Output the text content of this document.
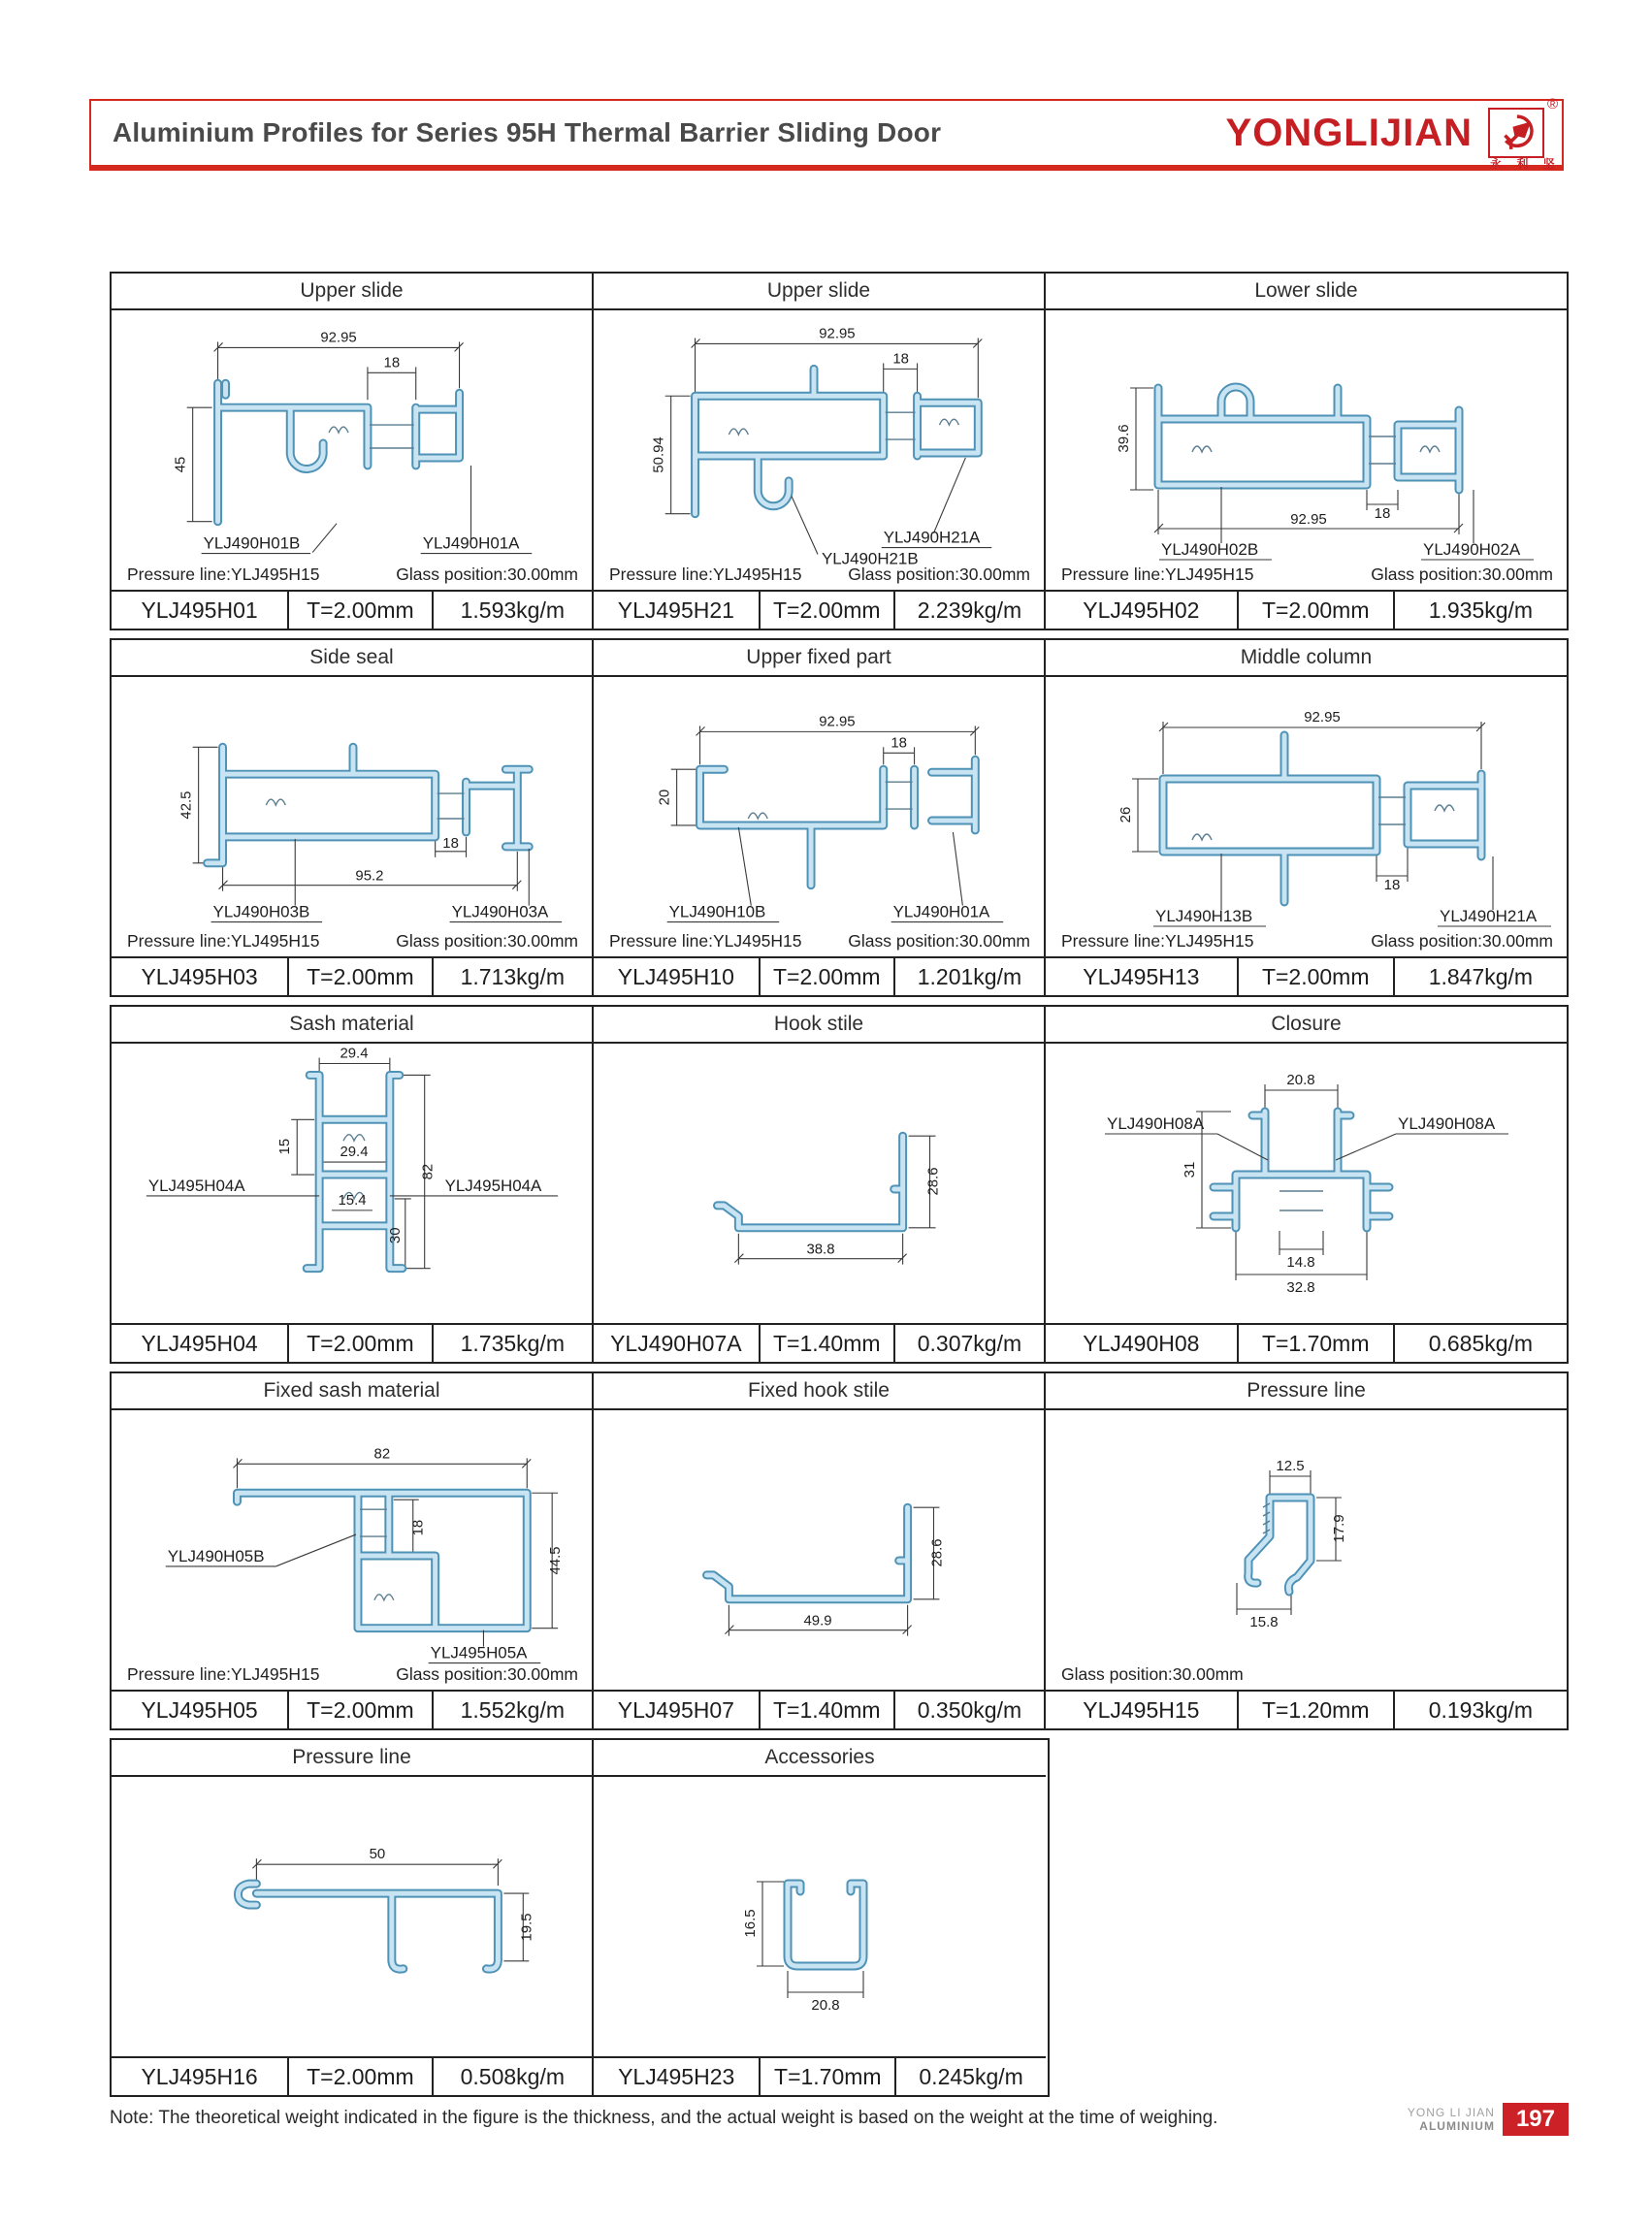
Aluminium Profiles for Series 95H Thermal Barrier Sliding Door	YONGLIJIAN
®
永 利 坚
Upper slide
92.95
18
45
YLJ490H01B	YLJ490H01A
Pressure line:YLJ495H15	Glass position:30.00mm
YLJ495H01	T=2.00mm	1.593kg/m
Upper slide
92.95
18
50.94
YLJ490H21A
YLJ490H21B
Pressure line:YLJ495H15	Glass position:30.00mm
YLJ495H21	T=2.00mm	2.239kg/m
Lower slide
39.6
18
92.95
YLJ490H02B	YLJ490H02A
Pressure line:YLJ495H15	Glass position:30.00mm
YLJ495H02	T=2.00mm	1.935kg/m
Side seal
42.5
18
95.2
YLJ490H03B	YLJ490H03A
Pressure line:YLJ495H15	Glass position:30.00mm
YLJ495H03	T=2.00mm	1.713kg/m
Upper fixed part
92.95
18
20
YLJ490H10B	YLJ490H01A
Pressure line:YLJ495H15	Glass position:30.00mm
YLJ495H10	T=2.00mm	1.201kg/m
Middle column
92.95
26
18
YLJ490H13B	YLJ490H21A
Pressure line:YLJ495H15	Glass position:30.00mm
YLJ495H13	T=2.00mm	1.847kg/m
Sash material
29.4
15	29.4
82
15.4
30
YLJ495H04A	YLJ495H04A
YLJ495H04	T=2.00mm	1.735kg/m
Hook stile
28.6
38.8
YLJ490H07A	T=1.40mm	0.307kg/m
Closure
20.8
31
14.8
32.8
YLJ490H08A	YLJ490H08A
YLJ490H08	T=1.70mm	0.685kg/m
Fixed sash material
82
18
44.5
YLJ490H05B
YLJ495H05A
Pressure line:YLJ495H15	Glass position:30.00mm
YLJ495H05	T=2.00mm	1.552kg/m
Fixed hook stile
28.6
49.9
YLJ495H07	T=1.40mm	0.350kg/m
Pressure line
12.5
17.9
15.8
Glass position:30.00mm
YLJ495H15	T=1.20mm	0.193kg/m
Pressure line
50
19.5
YLJ495H16	T=2.00mm	0.508kg/m
Accessories
16.5
20.8
YLJ495H23	T=1.70mm	0.245kg/m
Note: The theoretical weight indicated in the figure is the thickness, and the actual weight is based on the weight at the time of weighing.	YONG LI JIAN
ALUMINIUM 197
